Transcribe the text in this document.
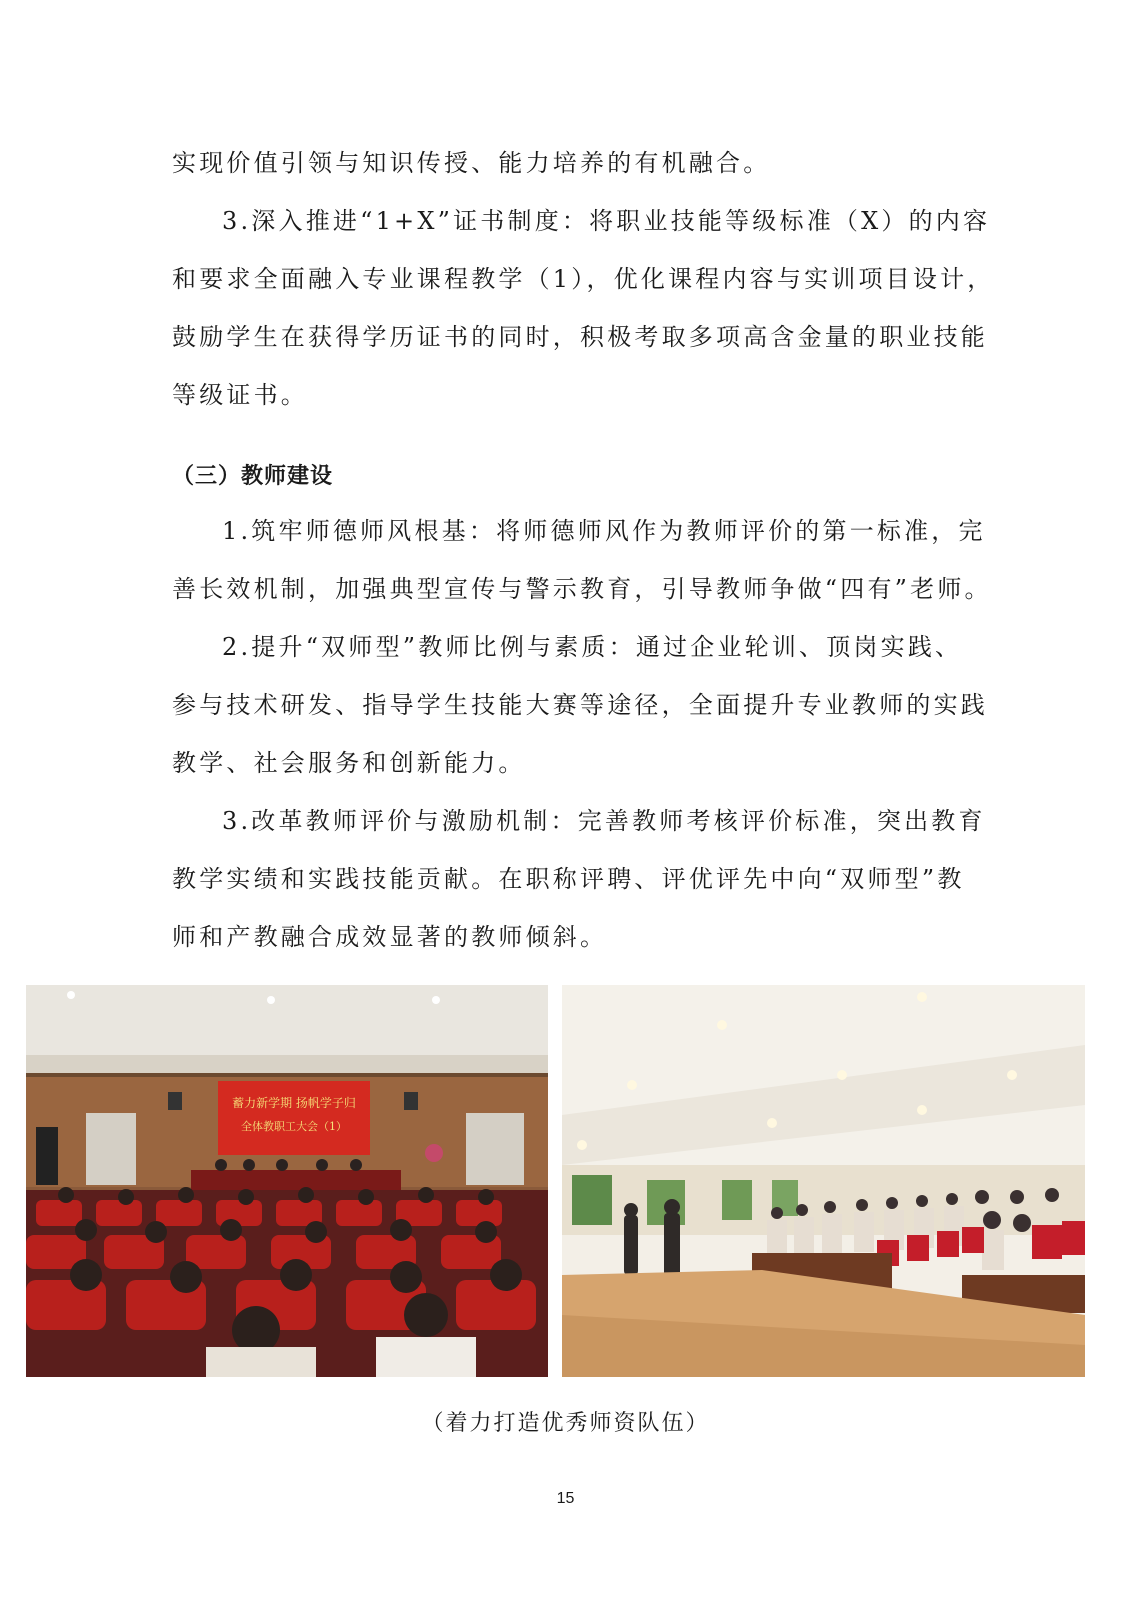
实现价值引领与知识传授、能力培养的有机融合。
3.深入推进“1+X”证书制度：将职业技能等级标准（X）的内容
和要求全面融入专业课程教学（1），优化课程内容与实训项目设计，
鼓励学生在获得学历证书的同时，积极考取多项高含金量的职业技能
等级证书。
（三）教师建设
1.筑牢师德师风根基：将师德师风作为教师评价的第一标准，完
善长效机制，加强典型宣传与警示教育，引导教师争做“四有”老师。
2.提升“双师型”教师比例与素质：通过企业轮训、顶岗实践、
参与技术研发、指导学生技能大赛等途径，全面提升专业教师的实践
教学、社会服务和创新能力。
3.改革教师评价与激励机制：完善教师考核评价标准，突出教育
教学实绩和实践技能贡献。在职称评聘、评优评先中向“双师型”教
师和产教融合成效显著的教师倾斜。
蓄力新学期 扬帆学子归
全体教职工大会（1）
（着力打造优秀师资队伍）
15
